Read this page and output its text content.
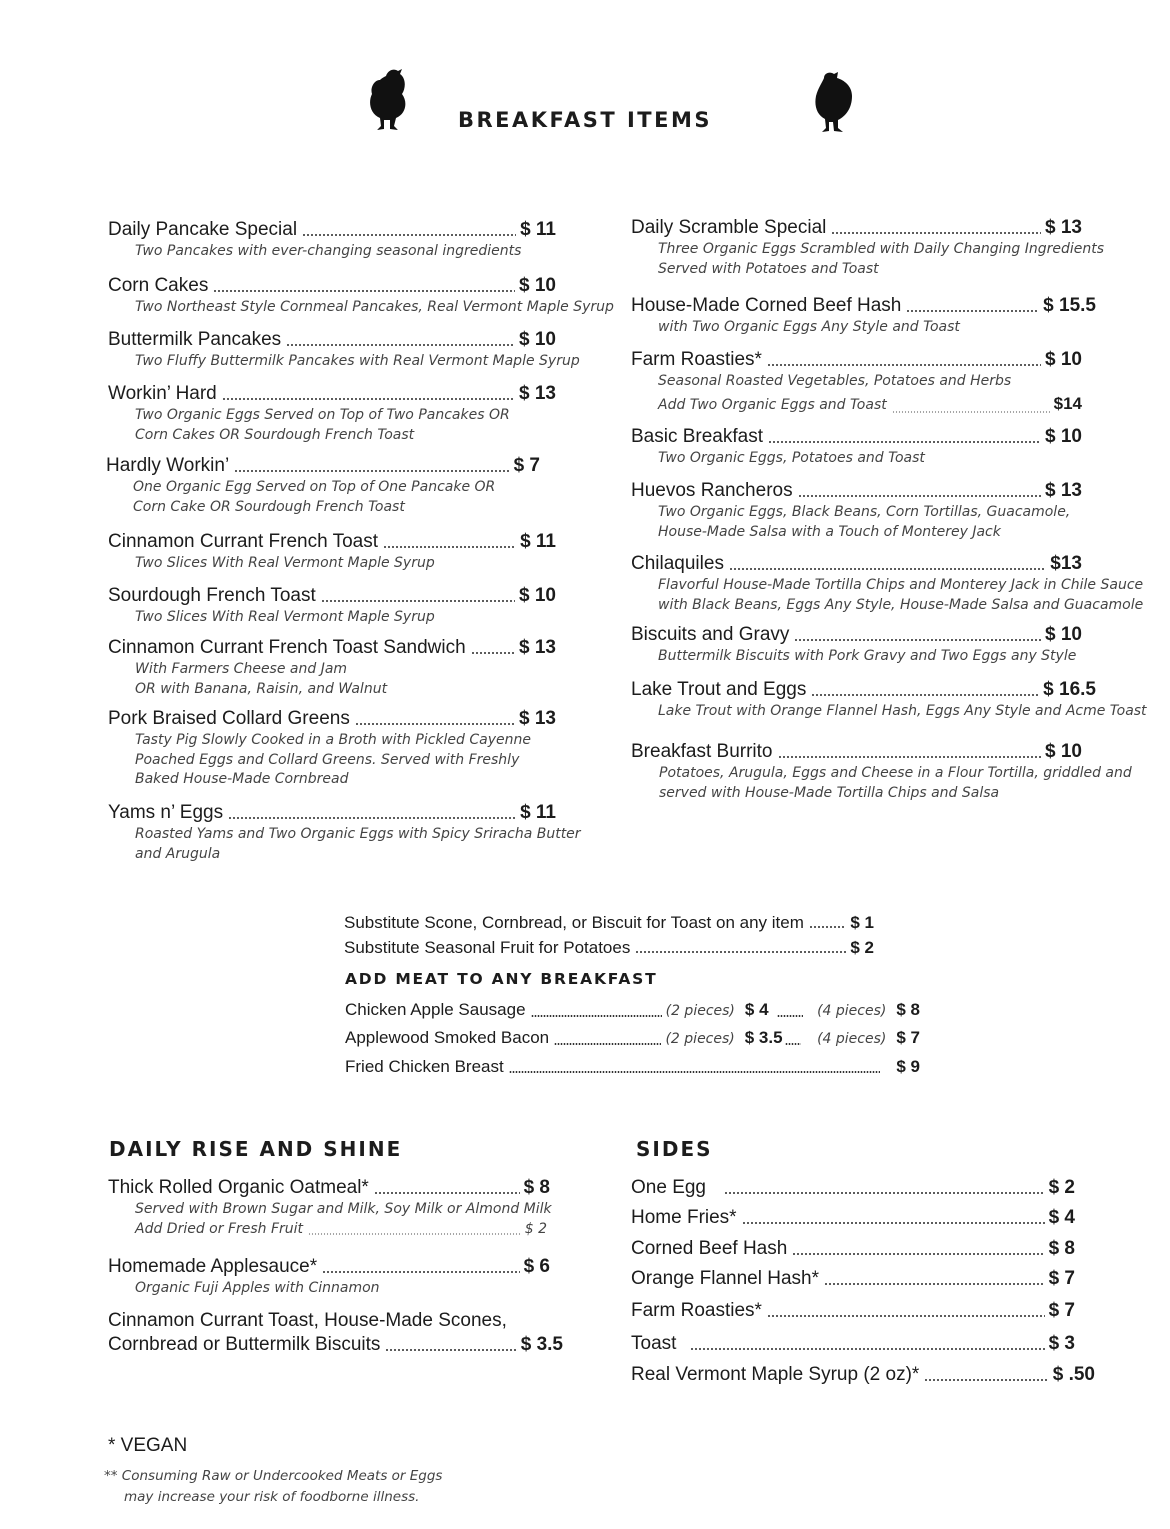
BREAKFAST ITEMS
Daily Pancake Special	$ 11
Two Pancakes with ever-changing seasonal ingredients
Corn Cakes	$ 10
Two Northeast Style Cornmeal Pancakes, Real Vermont Maple Syrup
Buttermilk Pancakes	$ 10
Two Fluffy Buttermilk Pancakes with Real Vermont Maple Syrup
Workin’ Hard	$ 13
Two Organic Eggs Served on Top of Two Pancakes OR
Corn Cakes OR Sourdough French Toast
Hardly Workin’	$ 7
One Organic Egg Served on Top of One Pancake OR
Corn Cake OR Sourdough French Toast
Cinnamon Currant French Toast	$ 11
Two Slices With Real Vermont Maple Syrup
Sourdough French Toast	$ 10
Two Slices With Real Vermont Maple Syrup
Cinnamon Currant French Toast Sandwich	$ 13
With Farmers Cheese and Jam
OR with Banana, Raisin, and Walnut
Pork Braised Collard Greens	$ 13
Tasty Pig Slowly Cooked in a Broth with Pickled Cayenne
Poached Eggs and Collard Greens. Served with Freshly
Baked House-Made Cornbread
Yams n’ Eggs	$ 11
Roasted Yams and Two Organic Eggs with Spicy Sriracha Butter
and Arugula
Daily Scramble Special	$ 13
Three Organic Eggs Scrambled with Daily Changing Ingredients
Served with Potatoes and Toast
House-Made Corned Beef Hash	$ 15.5
with Two Organic Eggs Any Style and Toast
Farm Roasties*	$ 10
Seasonal Roasted Vegetables, Potatoes and Herbs
Add Two Organic Eggs and Toast	$14
Basic Breakfast	$ 10
Two Organic Eggs, Potatoes and Toast
Huevos Rancheros	$ 13
Two Organic Eggs, Black Beans, Corn Tortillas, Guacamole,
House-Made Salsa with a Touch of Monterey Jack
Chilaquiles	$13
Flavorful House-Made Tortilla Chips and Monterey Jack in Chile Sauce
with Black Beans, Eggs Any Style, House-Made Salsa and Guacamole
Biscuits and Gravy	$ 10
Buttermilk Biscuits with Pork Gravy and Two Eggs any Style
Lake Trout and Eggs	$ 16.5
Lake Trout with Orange Flannel Hash, Eggs Any Style and Acme Toast
Breakfast Burrito	$ 10
Potatoes, Arugula, Eggs and Cheese in a Flour Tortilla, griddled and
served with House-Made Tortilla Chips and Salsa
Substitute Scone, Cornbread, or Biscuit for Toast on any item	$ 1
Substitute Seasonal Fruit for Potatoes	$ 2
ADD MEAT TO ANY BREAKFAST
Chicken Apple Sausage	(2 pieces) $ 4	(4 pieces) $ 8
Applewood Smoked Bacon	(2 pieces) $ 3.5 (4 pieces) $ 7
Fried Chicken Breast	$ 9
DAILY RISE AND SHINE
Thick Rolled Organic Oatmeal*	$ 8
Served with Brown Sugar and Milk, Soy Milk or Almond Milk
Add Dried or Fresh Fruit	$ 2
Homemade Applesauce*	$ 6
Organic Fuji Apples with Cinnamon
Cinnamon Currant Toast, House-Made Scones,
Cornbread or Buttermilk Biscuits	$ 3.5
SIDES
One Egg	$ 2
Home Fries*	$ 4
Corned Beef Hash	$ 8
Orange Flannel Hash*	$ 7
Farm Roasties*	$ 7
Toast	$ 3
Real Vermont Maple Syrup (2 oz)*	$ .50
* VEGAN
** Consuming Raw or Undercooked Meats or Eggs
may increase your risk of foodborne illness.
